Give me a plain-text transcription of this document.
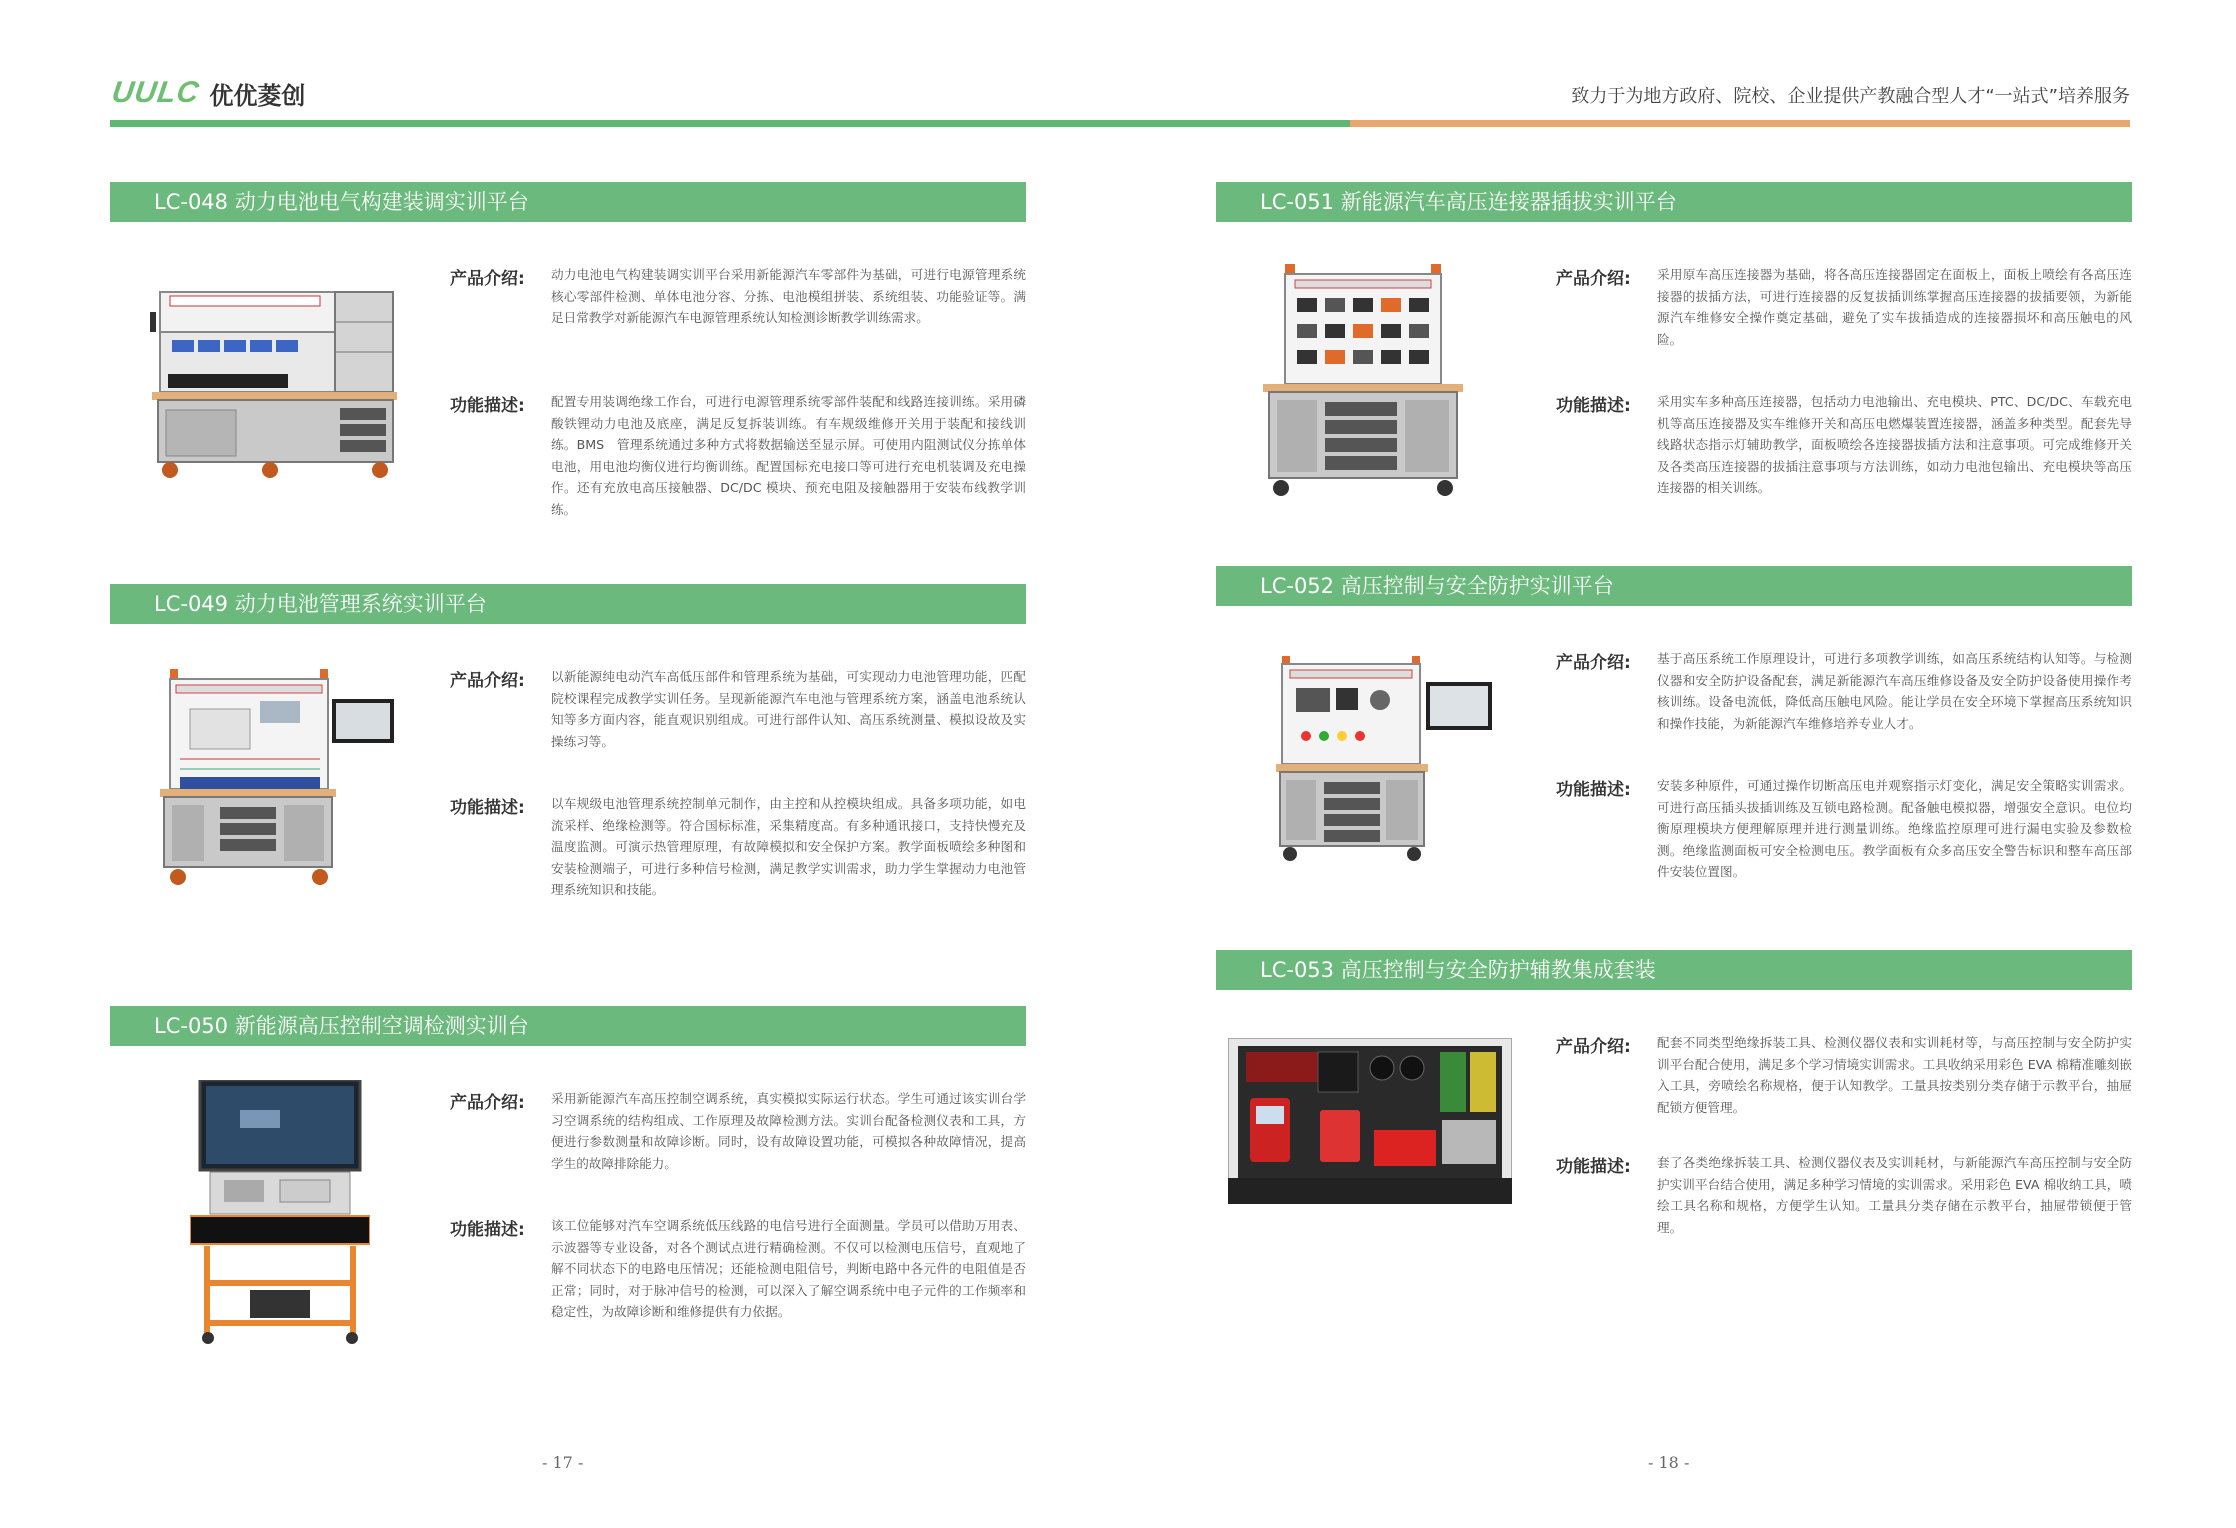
UULC 优优菱创	致力于为地方政府、院校、企业提供产教融合型人才“一站式”培养服务
LC-048 动力电池电气构建装调实训平台
产品介绍: 动力电池电气构建装调实训平台采用新能源汽车零部件为基础，可进行电源管理系统核心零部件检测、单体电池分容、分拣、电池模组拼装、系统组装、功能验证等。满足日常教学对新能源汽车电源管理系统认知检测诊断教学训练需求。
功能描述: 配置专用装调绝缘工作台，可进行电源管理系统零部件装配和线路连接训练。采用磷酸铁锂动力电池及底座，满足反复拆装训练。有车规级维修开关用于装配和接线训练。BMS　管理系统通过多种方式将数据输送至显示屏。可使用内阻测试仪分拣单体电池，用电池均衡仪进行均衡训练。配置国标充电接口等可进行充电机装调及充电操作。还有充放电高压接触器、DC/DC 模块、预充电阻及接触器用于安装布线教学训练。
LC-049 动力电池管理系统实训平台
产品介绍: 以新能源纯电动汽车高低压部件和管理系统为基础，可实现动力电池管理功能，匹配院校课程完成教学实训任务。呈现新能源汽车电池与管理系统方案，涵盖电池系统认知等多方面内容，能直观识别组成。可进行部件认知、高压系统测量、模拟设故及实操练习等。
功能描述: 以车规级电池管理系统控制单元制作，由主控和从控模块组成。具备多项功能，如电流采样、绝缘检测等。符合国标标准，采集精度高。有多种通讯接口，支持快慢充及温度监测。可演示热管理原理，有故障模拟和安全保护方案。教学面板喷绘多种图和安装检测端子，可进行多种信号检测，满足教学实训需求，助力学生掌握动力电池管理系统知识和技能。
LC-050 新能源高压控制空调检测实训台
产品介绍: 采用新能源汽车高压控制空调系统，真实模拟实际运行状态。学生可通过该实训台学习空调系统的结构组成、工作原理及故障检测方法。实训台配备检测仪表和工具，方便进行参数测量和故障诊断。同时，设有故障设置功能，可模拟各种故障情况，提高学生的故障排除能力。
功能描述: 该工位能够对汽车空调系统低压线路的电信号进行全面测量。学员可以借助万用表、示波器等专业设备，对各个测试点进行精确检测。不仅可以检测电压信号，直观地了解不同状态下的电路电压情况；还能检测电阻信号，判断电路中各元件的电阻值是否正常；同时，对于脉冲信号的检测，可以深入了解空调系统中电子元件的工作频率和稳定性，为故障诊断和维修提供有力依据。
LC-051 新能源汽车高压连接器插拔实训平台
产品介绍: 采用原车高压连接器为基础，将各高压连接器固定在面板上，面板上喷绘有各高压连接器的拔插方法，可进行连接器的反复拔插训练掌握高压连接器的拔插要领，为新能源汽车维修安全操作奠定基础，避免了实车拔插造成的连接器损坏和高压触电的风险。
功能描述: 采用实车多种高压连接器，包括动力电池输出、充电模块、PTC、DC/DC、车载充电机等高压连接器及实车维修开关和高压电燃爆装置连接器，涵盖多种类型。配套先导线路状态指示灯辅助教学，面板喷绘各连接器拔插方法和注意事项。可完成维修开关及各类高压连接器的拔插注意事项与方法训练，如动力电池包输出、充电模块等高压连接器的相关训练。
LC-052 高压控制与安全防护实训平台
产品介绍: 基于高压系统工作原理设计，可进行多项教学训练，如高压系统结构认知等。与检测仪器和安全防护设备配套，满足新能源汽车高压维修设备及安全防护设备使用操作考核训练。设备电流低，降低高压触电风险。能让学员在安全环境下掌握高压系统知识和操作技能，为新能源汽车维修培养专业人才。
功能描述: 安装多种原件，可通过操作切断高压电并观察指示灯变化，满足安全策略实训需求。可进行高压插头拔插训练及互锁电路检测。配备触电模拟器，增强安全意识。电位均衡原理模块方便理解原理并进行测量训练。绝缘监控原理可进行漏电实验及参数检测。绝缘监测面板可安全检测电压。教学面板有众多高压安全警告标识和整车高压部件安装位置图。
LC-053 高压控制与安全防护辅教集成套装
产品介绍: 配套不同类型绝缘拆装工具、检测仪器仪表和实训耗材等，与高压控制与安全防护实训平台配合使用，满足多个学习情境实训需求。工具收纳采用彩色 EVA 棉精准雕刻嵌入工具，旁喷绘名称规格，便于认知教学。工量具按类别分类存储于示教平台，抽屉配锁方便管理。
功能描述: 套了各类绝缘拆装工具、检测仪器仪表及实训耗材，与新能源汽车高压控制与安全防护实训平台结合使用，满足多种学习情境的实训需求。采用彩色 EVA 棉收纳工具，喷绘工具名称和规格，方便学生认知。工量具分类存储在示教平台，抽屉带锁便于管理。
- 17 -	- 18 -
